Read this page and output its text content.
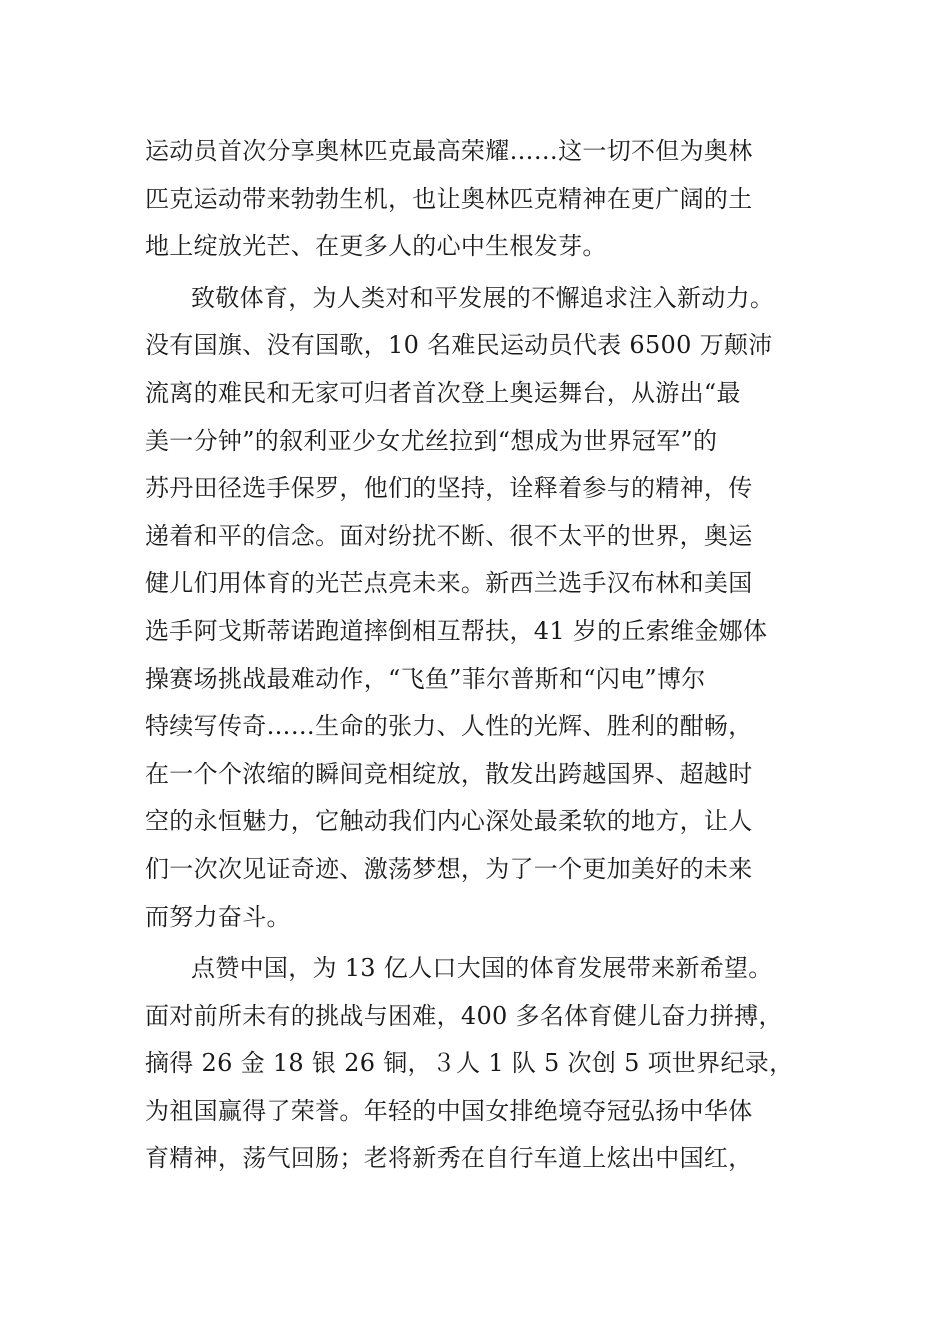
运动员首次分享奥林匹克最高荣耀……这一切不但为奥林
匹克运动带来勃勃生机，也让奥林匹克精神在更广阔的土
地上绽放光芒、在更多人的心中生根发芽。
致敬体育，为人类对和平发展的不懈追求注入新动力。
没有国旗、没有国歌，10 名难民运动员代表 6500 万颠沛
流离的难民和无家可归者首次登上奥运舞台，从游出“最
美一分钟”的叙利亚少女尤丝拉到“想成为世界冠军”的
苏丹田径选手保罗，他们的坚持，诠释着参与的精神，传
递着和平的信念。面对纷扰不断、很不太平的世界，奥运
健儿们用体育的光芒点亮未来。新西兰选手汉布林和美国
选手阿戈斯蒂诺跑道摔倒相互帮扶，41 岁的丘索维金娜体
操赛场挑战最难动作，“飞鱼”菲尔普斯和“闪电”博尔
特续写传奇……生命的张力、人性的光辉、胜利的酣畅，
在一个个浓缩的瞬间竞相绽放，散发出跨越国界、超越时
空的永恒魅力，它触动我们内心深处最柔软的地方，让人
们一次次见证奇迹、激荡梦想，为了一个更加美好的未来
而努力奋斗。
点赞中国，为 13 亿人口大国的体育发展带来新希望。
面对前所未有的挑战与困难，400 多名体育健儿奋力拼搏，
摘得 26 金 18 银 26 铜，３人 1 队 5 次创 5 项世界纪录，
为祖国赢得了荣誉。年轻的中国女排绝境夺冠弘扬中华体
育精神，荡气回肠；老将新秀在自行车道上炫出中国红，
